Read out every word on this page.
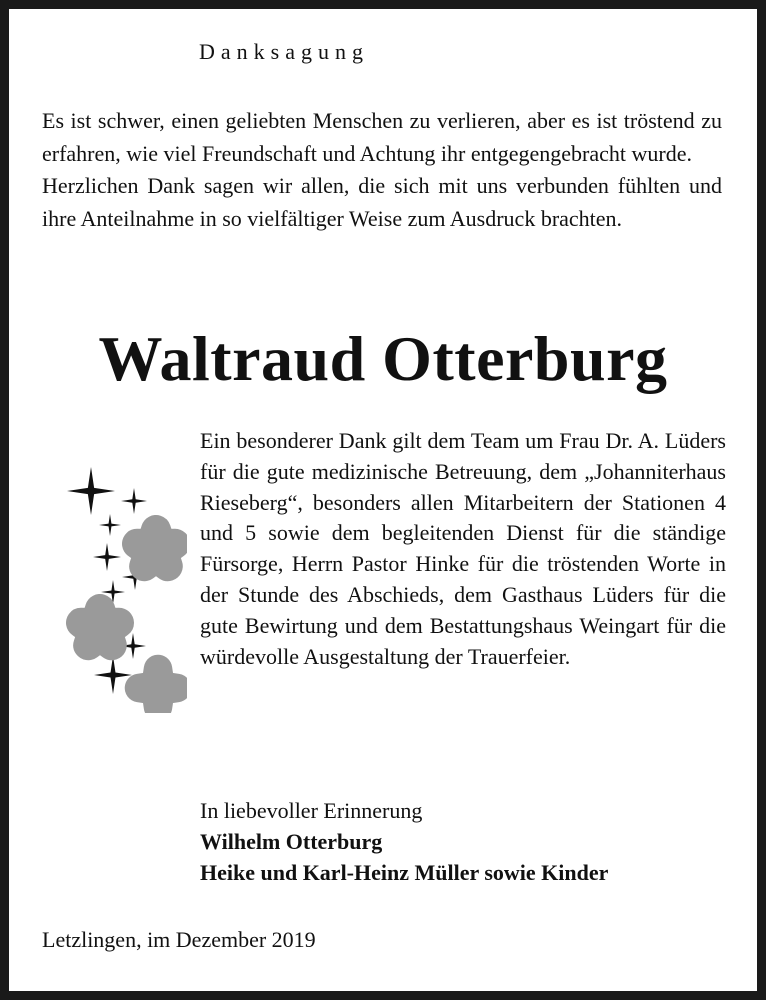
Danksagung

Es ist schwer, einen geliebten Menschen zu verlieren, aber es ist tröstend zu erfahren, wie viel Freundschaft und Achtung ihr entgegengebracht wurde.

Herzlichen Dank sagen wir allen, die sich mit uns verbunden fühlten und ihre Anteilnahme in so vielfältiger Weise zum Ausdruck brachten.

Waltraud Otterburg
Ein besonderer Dank gilt dem Team um Frau Dr. A. Lüders für die gute medizinische Betreuung, dem „Johanniterhaus Rieseberg“, besonders allen Mitarbeitern der Stationen 4 und 5 sowie dem begleitenden Dienst für die ständige Fürsorge, Herrn Pastor Hinke für die tröstenden Worte in der Stunde des Abschieds, dem Gasthaus Lüders für die gute Bewirtung und dem Bestattungshaus Weingart für die würdevolle Ausgestaltung der Trauerfeier.
In liebevoller Erinnerung
Wilhelm Otterburg
Heike und Karl-Heinz Müller sowie Kinder
Letzlingen, im Dezember 2019
